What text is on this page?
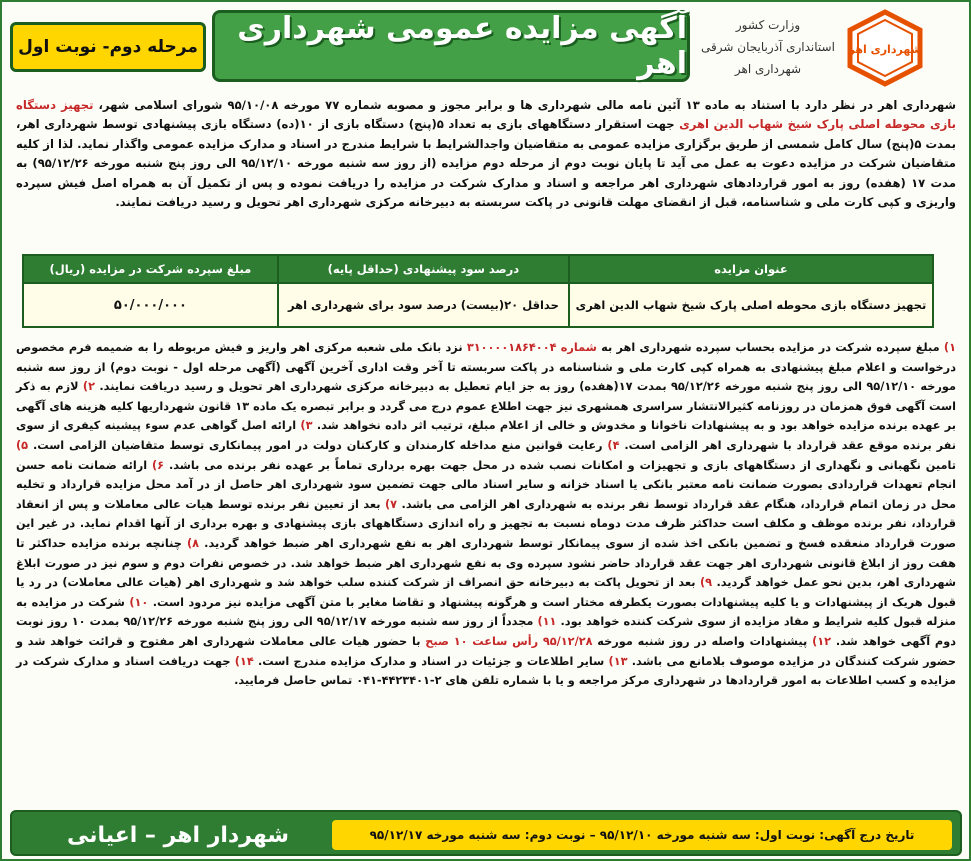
مرحله دوم- نوبت اول
آگهی مزایده عمومی شهرداری اهر
وزارت کشور
استانداری آذربایجان شرقی
شهرداری اهر
شهرداری اهر
شهرداری اهر در نظر دارد با استناد به ماده ۱۳ آئین نامه مالی شهرداری ها و برابر مجوز و مصوبه شماره ۷۷ مورخه ۹۵/۱۰/۰۸ شورای اسلامی شهر، تجهیز دستگاه بازی محوطه اصلی پارک شیخ شهاب الدین اهری جهت استقرار دستگاههای بازی به تعداد ۵(پنج) دستگاه بازی از ۱۰(ده) دستگاه بازی پیشنهادی توسط شهرداری اهر، بمدت ۵(پنج) سال کامل شمسی از طریق برگزاری مزایده عمومی به متقاضیان واجدالشرایط با شرایط مندرج در اسناد و مدارک مزایده عمومی واگذار نماید. لذا از کلیه متقاضیان شرکت در مزایده دعوت به عمل می آید تا پایان نوبت دوم از مرحله دوم مزایده (از روز سه شنبه مورخه ۹۵/۱۲/۱۰ الی روز پنج شنبه مورخه ۹۵/۱۲/۲۶) به مدت ۱۷ (هفده) روز به امور قراردادهای شهرداری اهر مراجعه و اسناد و مدارک شرکت در مزایده را دریافت نموده و پس از تکمیل آن به همراه اصل فیش سپرده واریزی و کپی کارت ملی و شناسنامه، قبل از انقضای مهلت قانونی در پاکت سربسته به دبیرخانه مرکزی شهرداری اهر تحویل و رسید دریافت نمایند.
عنوان مزایده	درصد سود پیشنهادی (حداقل پایه)	مبلغ سپرده شرکت در مزایده (ریال)
تجهیز دستگاه بازی محوطه اصلی پارک شیخ شهاب الدین اهری	حداقل ۲۰(بیست) درصد سود برای شهرداری اهر	۵۰/۰۰۰/۰۰۰
۱) مبلغ سپرده شرکت در مزایده بحساب سپرده شهرداری اهر به شماره ۳۱۰۰۰۰۱۸۶۴۰۰۴ نزد بانک ملی شعبه مرکزی اهر واریز و فیش مربوطه را به ضمیمه فرم مخصوص درخواست و اعلام مبلغ پیشنهادی به همراه کپی کارت ملی و شناسنامه در پاکت سربسته تا آخر وقت اداری آخرین آگهی (آگهی مرحله اول - نوبت دوم) از روز سه شنبه مورخه ۹۵/۱۲/۱۰ الی روز پنج شنبه مورخه ۹۵/۱۲/۲۶ بمدت ۱۷(هفده) روز به جز ایام تعطیل به دبیرخانه مرکزی شهرداری اهر تحویل و رسید دریافت نمایند. ۲) لازم به ذکر است آگهی فوق همزمان در روزنامه کثیرالانتشار سراسری همشهری نیز جهت اطلاع عموم درج می گردد و برابر تبصره یک ماده ۱۳ قانون شهرداریها کلیه هزینه های آگهی بر عهده برنده مزایده خواهد بود و به پیشنهادات ناخوانا و مخدوش و خالی از اعلام مبلغ، ترتیب اثر داده نخواهد شد. ۳) ارائه اصل گواهی عدم سوء پیشینه کیفری از سوی نفر برنده موقع عقد قرارداد با شهرداری اهر الزامی است. ۴) رعایت قوانین منع مداخله کارمندان و کارکنان دولت در امور پیمانکاری توسط متقاضیان الزامی است. ۵) تامین نگهبانی و نگهداری از دستگاههای بازی و تجهیزات و امکانات نصب شده در محل جهت بهره برداری تماماً بر عهده نفر برنده می باشد. ۶) ارائه ضمانت نامه حسن انجام تعهدات قراردادی بصورت ضمانت نامه معتبر بانکی یا اسناد خزانه و سایر اسناد مالی جهت تضمین سود شهرداری اهر حاصل از در آمد محل مزایده قرارداد و تخلیه محل در زمان اتمام قرارداد، هنگام عقد قرارداد توسط نفر برنده به شهرداری اهر الزامی می باشد. ۷) بعد از تعیین نفر برنده توسط هیات عالی معاملات و پس از انعقاد قرارداد، نفر برنده موظف و مکلف است حداکثر ظرف مدت دوماه نسبت به تجهیز و راه اندازی دستگاههای بازی پیشنهادی و بهره برداری از آنها اقدام نماید. در غیر این صورت قرارداد منعقده فسخ و تضمین بانکی اخذ شده از سوی پیمانکار توسط شهرداری اهر به نفع شهرداری اهر ضبط خواهد گردید. ۸) چنانچه برنده مزایده حداکثر تا هفت روز از ابلاغ قانونی شهرداری اهر جهت عقد قرارداد حاضر نشود سپرده وی به نفع شهرداری اهر ضبط خواهد شد. در خصوص نفرات دوم و سوم نیز در صورت ابلاغ شهرداری اهر، بدین نحو عمل خواهد گردید. ۹) بعد از تحویل پاکت به دبیرخانه حق انصراف از شرکت کننده سلب خواهد شد و شهرداری اهر (هیات عالی معاملات) در رد یا قبول هریک از پیشنهادات و یا کلیه پیشنهادات بصورت یکطرفه مختار است و هرگونه پیشنهاد و تقاضا مغایر با متن آگهی مزایده نیز مردود است. ۱۰) شرکت در مزایده به منزله قبول کلیه شرایط و مفاد مزایده از سوی شرکت کننده خواهد بود. ۱۱) مجدداً از روز سه شنبه مورخه ۹۵/۱۲/۱۷ الی روز پنج شنبه مورخه ۹۵/۱۲/۲۶ بمدت ۱۰ روز نوبت دوم آگهی خواهد شد. ۱۲) پیشنهادات واصله در روز شنبه مورخه ۹۵/۱۲/۲۸ رأس ساعت ۱۰ صبح با حضور هیات عالی معاملات شهرداری اهر مفتوح و قرائت خواهد شد و حضور شرکت کنندگان در مزایده موصوف بلامانع می باشد. ۱۳) سایر اطلاعات و جزئیات در اسناد و مدارک مزایده مندرج است. ۱۴) جهت دریافت اسناد و مدارک شرکت در مزایده و کسب اطلاعات به امور قراردادها در شهرداری مرکز مراجعه و یا با شماره تلفن های ۲-۴۴۲۳۴۰۱-۰۴۱ تماس حاصل فرمایید.
تاریخ درج آگهی: نوبت اول: سه شنبه مورخه ۹۵/۱۲/۱۰ – نوبت دوم: سه شنبه مورخه ۹۵/۱۲/۱۷
شهردار اهر – اعیانی
